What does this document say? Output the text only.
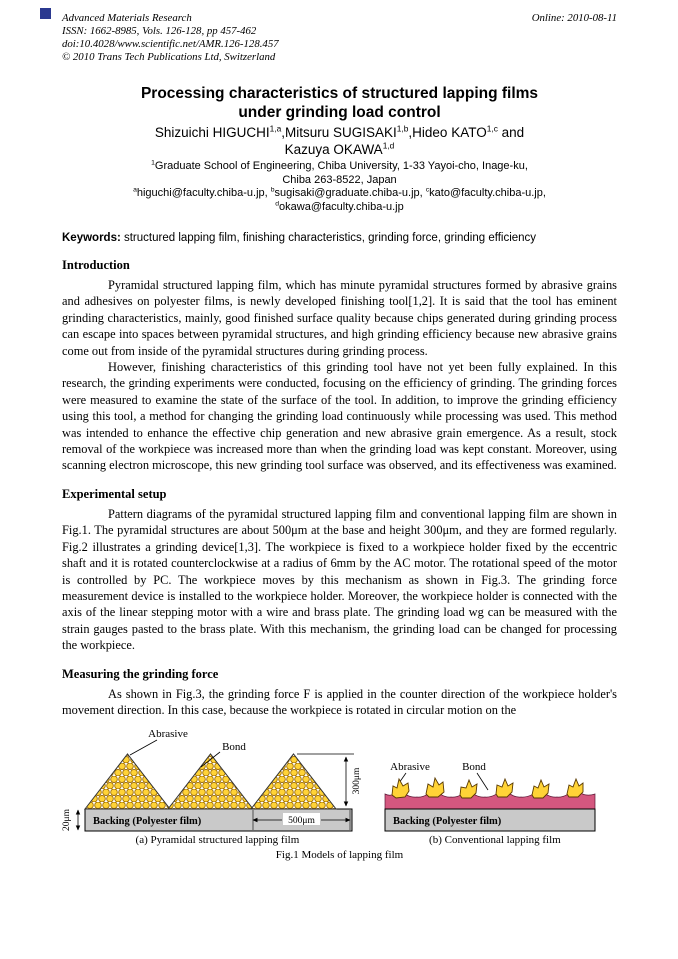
Advanced Materials Research
ISSN: 1662-8985, Vols. 126-128, pp 457-462
doi:10.4028/www.scientific.net/AMR.126-128.457
© 2010 Trans Tech Publications Ltd, Switzerland
Online: 2010-08-11
Processing characteristics of structured lapping films
under grinding load control
Shizuichi HIGUCHI$^{1,a}$,Mitsuru SUGISAKI$^{1,b}$,Hideo KATO$^{1,c}$ and
Kazuya OKAWA$^{1,d}$
$^1$Graduate School of Engineering, Chiba University, 1-33 Yayoi-cho, Inage-ku,
Chiba 263-8522, Japan
$^a$higuchi@faculty.chiba-u.jp, $^b$sugisaki@graduate.chiba-u.jp, $^c$kato@faculty.chiba-u.jp,
$^d$okawa@faculty.chiba-u.jp
Keywords: structured lapping film, finishing characteristics, grinding force, grinding efficiency
Introduction

Pyramidal structured lapping film, which has minute pyramidal structures formed by abrasive grains and adhesives on polyester films, is newly developed finishing tool[1,2]. It is said that the tool has eminent grinding characteristics, mainly, good finished surface quality because chips generated during grinding process can escape into spaces between pyramidal structures, and high grinding efficiency because new abrasive grains come out from inside of the pyramidal structures during grinding process.

However, finishing characteristics of this grinding tool have not yet been fully explained. In this research, the grinding experiments were conducted, focusing on the efficiency of grinding. The grinding forces were measured to examine the state of the surface of the tool. In addition, to improve the grinding efficiency using this tool, a method for changing the grinding load continuously while processing was used. This method was intended to enhance the effective chip generation and new abrasive grain emergence. As a result, stock removal of the workpiece was increased more than when the grinding load was kept constant. Moreover, using scanning electron microscope, this new grinding tool surface was observed, and its effectiveness was examined.

Experimental setup

Pattern diagrams of the pyramidal structured lapping film and conventional lapping film are shown in Fig.1. The pyramidal structures are about 500μm at the base and height 300μm, and they are formed regularly. Fig.2 illustrates a grinding device[1,3]. The workpiece is fixed to a workpiece holder fixed by the eccentric shaft and it is rotated counterclockwise at a radius of 6mm by the AC motor. The rotational speed of the motor is controlled by PC. The workpiece moves by this mechanism as shown in Fig.3. The grinding force measurement device is installed to the workpiece holder. Moreover, the workpiece holder is connected with the axis of the linear stepping motor with a wire and brass plate. The grinding load wg can be measured with the strain gauges pasted to the brass plate. With this mechanism, the grinding load can be changed for processing the workpiece.

Measuring the grinding force

As shown in Fig.3, the grinding force F is applied in the counter direction of the workpiece holder's movement direction. In this case, because the workpiece is rotated in circular motion on the

Abrasive
Bond
20μm
300μm
500μm
Backing (Polyester film)
Abrasive	Bond
Backing (Polyester film)
(a) Pyramidal structured lapping film	(b) Conventional lapping film
Fig.1 Models of lapping film
